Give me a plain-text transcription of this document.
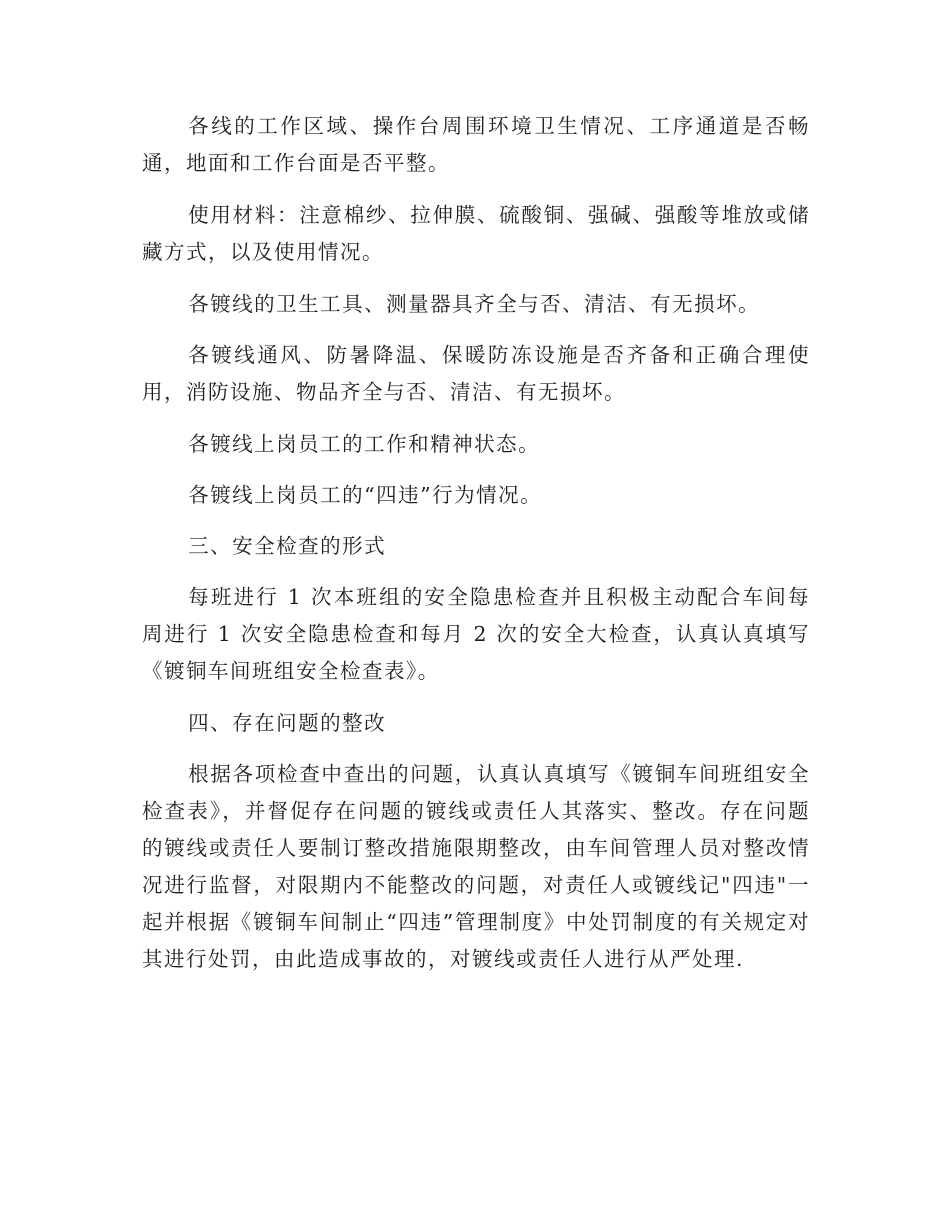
各线的工作区域、操作台周围环境卫生情况、工序通道是否畅通，地面和工作台面是否平整。

使用材料：注意棉纱、拉伸膜、硫酸铜、强碱、强酸等堆放或储藏方式，以及使用情况。

各镀线的卫生工具、测量器具齐全与否、清洁、有无损坏。

各镀线通风、防暑降温、保暖防冻设施是否齐备和正确合理使用，消防设施、物品齐全与否、清洁、有无损坏。

各镀线上岗员工的工作和精神状态。

各镀线上岗员工的“四违”行为情况。

三、安全检查的形式

每班进行 1 次本班组的安全隐患检查并且积极主动配合车间每周进行 1 次安全隐患检查和每月 2 次的安全大检查，认真认真填写《镀铜车间班组安全检查表》。

四、存在问题的整改

根据各项检查中查出的问题，认真认真填写《镀铜车间班组安全检查表》，并督促存在问题的镀线或责任人其落实、整改。存在问题的镀线或责任人要制订整改措施限期整改，由车间管理人员对整改情况进行监督，对限期内不能整改的问题，对责任人或镀线记"四违"一起并根据《镀铜车间制止“四违”管理制度》中处罚制度的有关规定对其进行处罚，由此造成事故的，对镀线或责任人进行从严处理.
